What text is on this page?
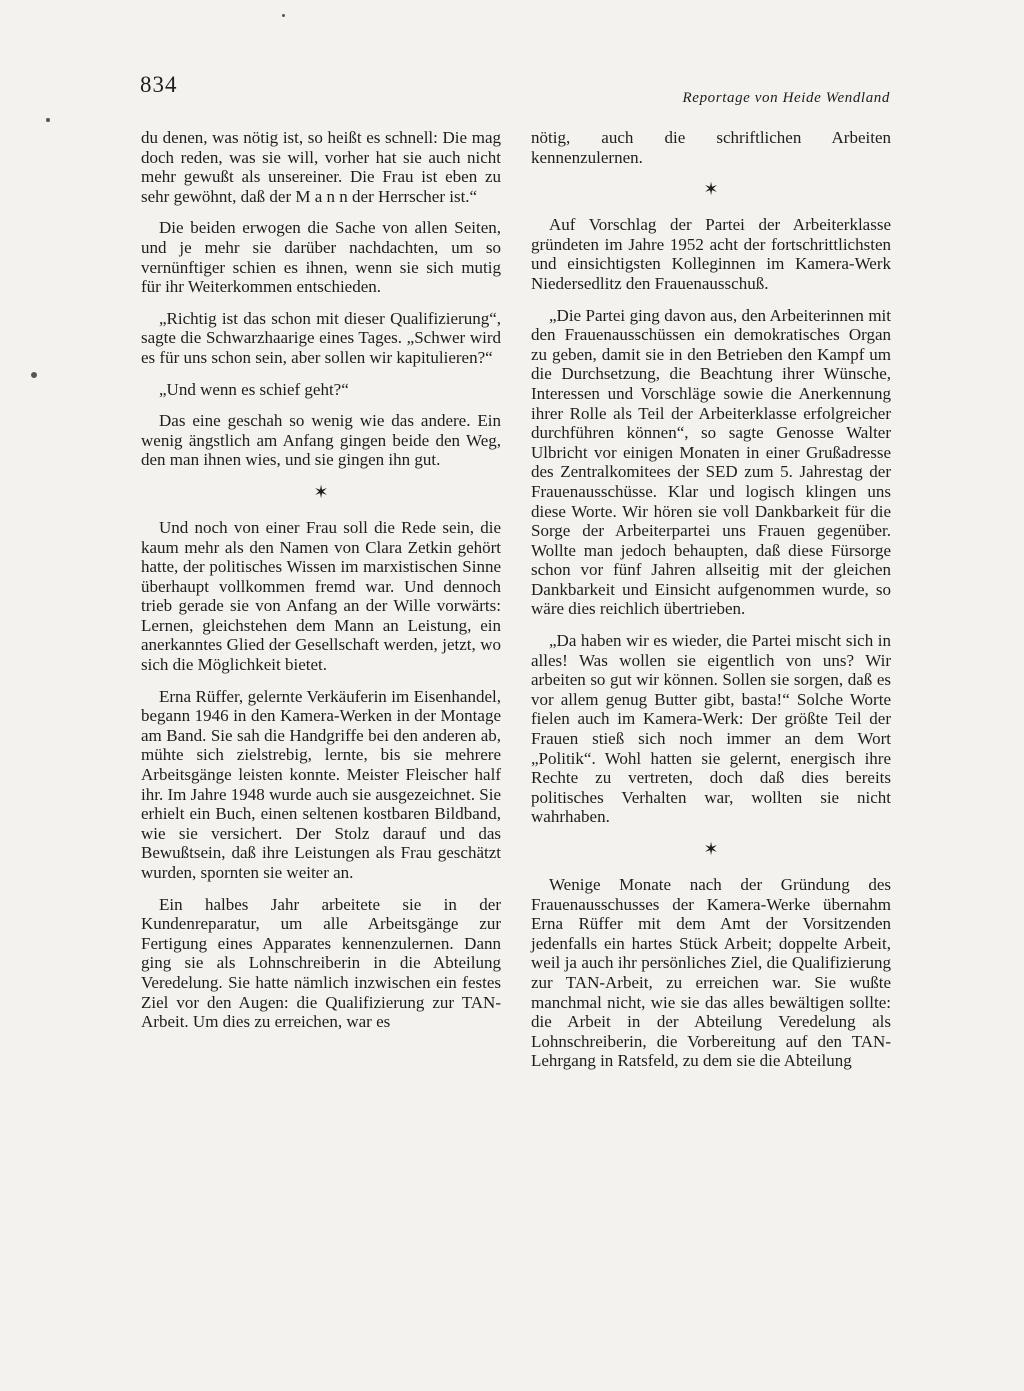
834
Reportage von Heide Wendland

du denen, was nötig ist, so heißt es schnell: Die mag doch reden, was sie will, vorher hat sie auch nicht mehr gewußt als unsereiner. Die Frau ist eben zu sehr gewöhnt, daß der M a n n der Herrscher ist.“

Die beiden erwogen die Sache von allen Seiten, und je mehr sie darüber nachdachten, um so vernünftiger schien es ihnen, wenn sie sich mutig für ihr Weiterkommen entschieden.

„Richtig ist das schon mit dieser Qualifizierung“, sagte die Schwarzhaarige eines Tages. „Schwer wird es für uns schon sein, aber sollen wir kapitulieren?“

„Und wenn es schief geht?“

Das eine geschah so wenig wie das andere. Ein wenig ängstlich am Anfang gingen beide den Weg, den man ihnen wies, und sie gingen ihn gut.

✶

Und noch von einer Frau soll die Rede sein, die kaum mehr als den Namen von Clara Zetkin gehört hatte, der politisches Wissen im marxistischen Sinne überhaupt vollkommen fremd war. Und dennoch trieb gerade sie von Anfang an der Wille vorwärts: Lernen, gleichstehen dem Mann an Leistung, ein anerkanntes Glied der Gesellschaft werden, jetzt, wo sich die Möglichkeit bietet.

Erna Rüffer, gelernte Verkäuferin im Eisenhandel, begann 1946 in den Kamera-Werken in der Montage am Band. Sie sah die Handgriffe bei den anderen ab, mühte sich zielstrebig, lernte, bis sie mehrere Arbeitsgänge leisten konnte. Meister Fleischer half ihr. Im Jahre 1948 wurde auch sie ausgezeichnet. Sie erhielt ein Buch, einen seltenen kostbaren Bildband, wie sie versichert. Der Stolz darauf und das Bewußtsein, daß ihre Leistungen als Frau geschätzt wurden, spornten sie weiter an.

Ein halbes Jahr arbeitete sie in der Kundenreparatur, um alle Arbeitsgänge zur Fertigung eines Apparates kennenzulernen. Dann ging sie als Lohnschreiberin in die Abteilung Veredelung. Sie hatte nämlich inzwischen ein festes Ziel vor den Augen: die Qualifizierung zur TAN-Arbeit. Um dies zu erreichen, war es

nötig, auch die schriftlichen Arbeiten kennenzulernen.

✶

Auf Vorschlag der Partei der Arbeiterklasse gründeten im Jahre 1952 acht der fortschrittlichsten und einsichtigsten Kolleginnen im Kamera-Werk Niedersedlitz den Frauenausschuß.

„Die Partei ging davon aus, den Arbeiterinnen mit den Frauenausschüssen ein demokratisches Organ zu geben, damit sie in den Betrieben den Kampf um die Durchsetzung, die Beachtung ihrer Wünsche, Interessen und Vorschläge sowie die Anerkennung ihrer Rolle als Teil der Arbeiterklasse erfolgreicher durchführen können“, so sagte Genosse Walter Ulbricht vor einigen Monaten in einer Grußadresse des Zentralkomitees der SED zum 5. Jahrestag der Frauenausschüsse. Klar und logisch klingen uns diese Worte. Wir hören sie voll Dankbarkeit für die Sorge der Arbeiterpartei uns Frauen gegenüber. Wollte man jedoch behaupten, daß diese Fürsorge schon vor fünf Jahren allseitig mit der gleichen Dankbarkeit und Einsicht aufgenommen wurde, so wäre dies reichlich übertrieben.

„Da haben wir es wieder, die Partei mischt sich in alles! Was wollen sie eigentlich von uns? Wir arbeiten so gut wir können. Sollen sie sorgen, daß es vor allem genug Butter gibt, basta!“ Solche Worte fielen auch im Kamera-Werk: Der größte Teil der Frauen stieß sich noch immer an dem Wort „Politik“. Wohl hatten sie gelernt, energisch ihre Rechte zu vertreten, doch daß dies bereits politisches Verhalten war, wollten sie nicht wahrhaben.

✶

Wenige Monate nach der Gründung des Frauenausschusses der Kamera-Werke übernahm Erna Rüffer mit dem Amt der Vorsitzenden jedenfalls ein hartes Stück Arbeit; doppelte Arbeit, weil ja auch ihr persönliches Ziel, die Qualifizierung zur TAN-Arbeit, zu erreichen war. Sie wußte manchmal nicht, wie sie das alles bewältigen sollte: die Arbeit in der Abteilung Veredelung als Lohnschreiberin, die Vorbereitung auf den TAN-Lehrgang in Ratsfeld, zu dem sie die Abteilung
